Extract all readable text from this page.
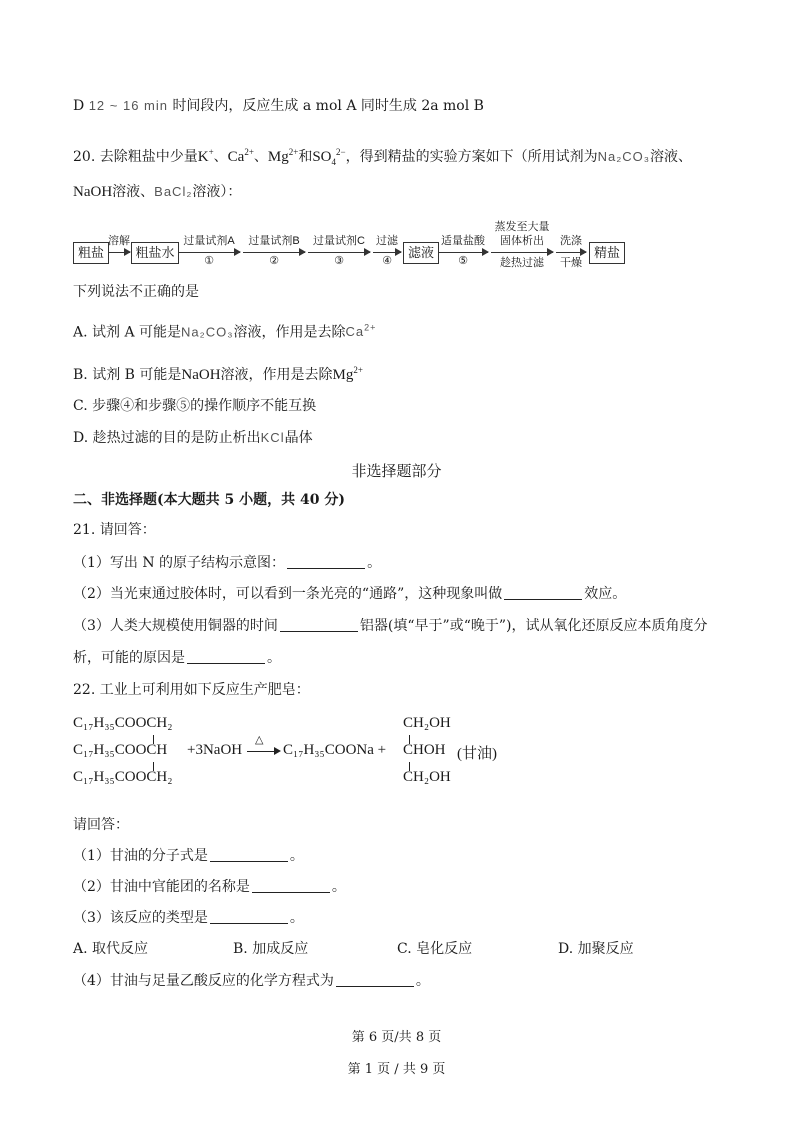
D 12 ~ 16 min 时间段内，反应生成 a mol A 同时生成 2a mol B
20. 去除粗盐中少量K+、$Ca^{2+}$、$Mg^{2+}$和$SO_4^{2-}$，得到精盐的实验方案如下（所用试剂为Na₂CO₃溶液、
NaOH溶液、BaCl₂溶液）：
粗盐
溶解
粗盐水
过量试剂A
①
过量试剂B
②
过量试剂C
③
过滤
④
滤液
适量盐酸
⑤
蒸发至大量
固体析出
趁热过滤
洗涤
干燥
精盐
下列说法不正确的是
A. 试剂 A 可能是Na₂CO₃溶液，作用是去除$Ca^{2+}$
B. 试剂 B 可能是NaOH溶液，作用是去除$Mg^{2+}$
C. 步骤④和步骤⑤的操作顺序不能互换
D. 趁热过滤的目的是防止析出KCl晶体
非选择题部分
二、非选择题(本大题共 5 小题，共 40 分)
21. 请回答：
（1）写出 N 的原子结构示意图：	。
（2）当光束通过胶体时，可以看到一条光亮的“通路”，这种现象叫做	效应。
（3）人类大规模使用铜器的时间	铝器(填“早于”或“晚于”)，试从氧化还原反应本质角度分
析，可能的原因是	。
22. 工业上可利用如下反应生产肥皂：
C₁₇H₃₅COOCH₂
C₁₇H₃₅COOCH
C₁₇H₃₅COOCH₂
+3NaOH
△
C₁₇H₃₅COONa +
CH₂OH
CHOH
CH₂OH
(甘油)
请回答：
（1）甘油的分子式是	。
（2）甘油中官能团的名称是	。
（3）该反应的类型是	。
A. 取代反应	B. 加成反应	C. 皂化反应	D. 加聚反应
（4）甘油与足量乙酸反应的化学方程式为	。
第 6 页/共 8 页
第 1 页 / 共 9 页
